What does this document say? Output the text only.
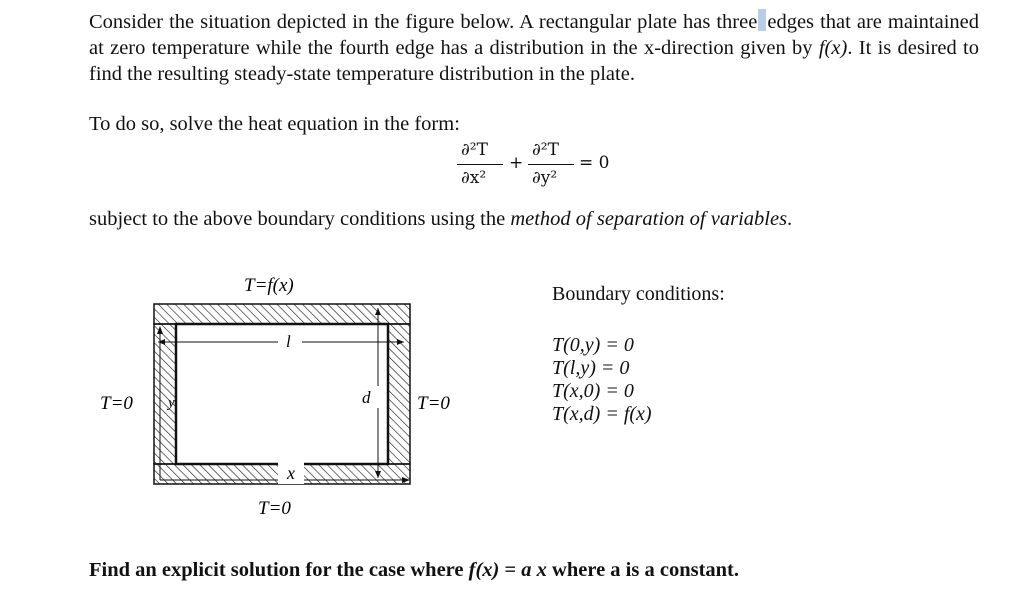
Consider the situation depicted in the figure below. A rectangular plate has three edges that are maintained at zero temperature while the fourth edge has a distribution in the x-direction given by f(x). It is desired to find the resulting steady-state temperature distribution in the plate.

To do so, solve the heat equation in the form:

∂²T
∂x²
+
∂²T
∂y²
= 0

subject to the above boundary conditions using the method of separation of variables.

x
y
l
d
T=f(x)
T=0	T=0
T=0
Boundary conditions:
T(0,y) = 0
T(l,y) = 0
T(x,0) = 0
T(x,d) = f(x)

Find an explicit solution for the case where f(x) = a x where a is a constant.
